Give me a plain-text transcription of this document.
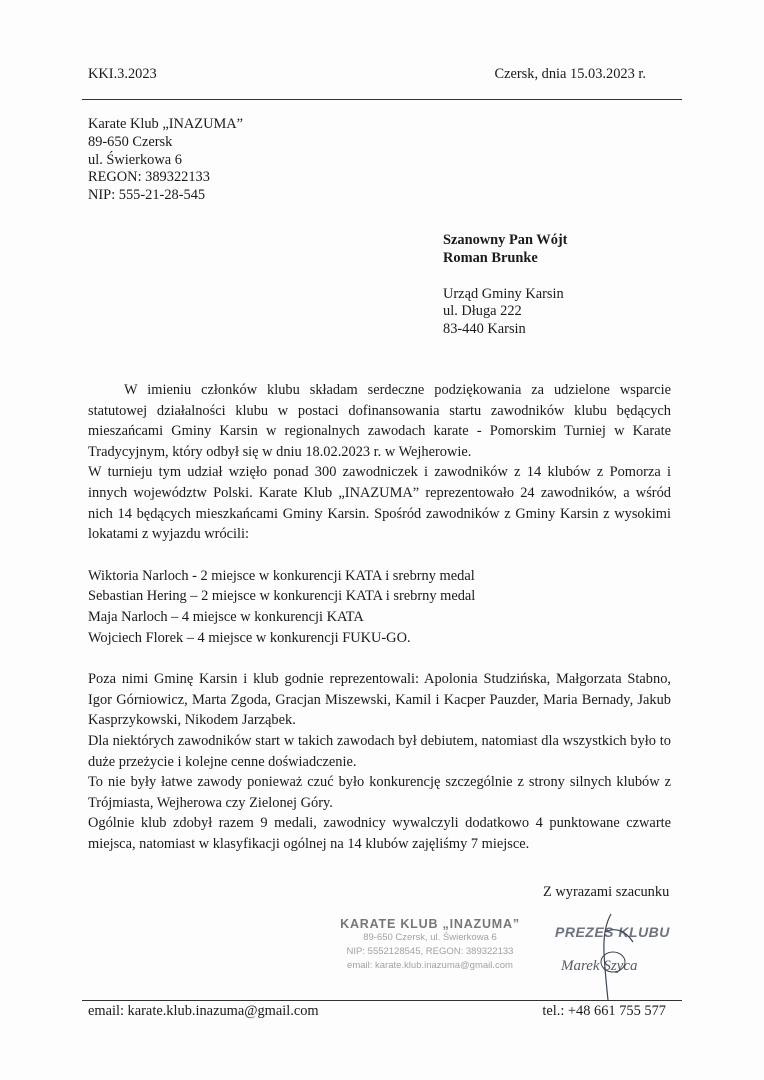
KKI.3.2023	Czersk, dnia 15.03.2023 r.
Karate Klub „INAZUMA”
89-650 Czersk
ul. Świerkowa 6
REGON: 389322133
NIP: 555-21-28-545
Szanowny Pan Wójt
Roman Brunke
Urząd Gminy Karsin
ul. Długa 222
83-440 Karsin

W imieniu członków klubu składam serdeczne podziękowania za udzielone wsparcie statutowej działalności klubu w postaci dofinansowania startu zawodników klubu będących mieszańcami Gminy Karsin w regionalnych zawodach karate - Pomorskim Turniej w Karate Tradycyjnym, który odbył się w dniu 18.02.2023 r. w Wejherowie.

W turnieju tym udział wzięło ponad 300 zawodniczek i zawodników z 14 klubów z Pomorza i innych województw Polski. Karate Klub „INAZUMA” reprezentowało 24 zawodników, a wśród nich 14 będących mieszkańcami Gminy Karsin. Spośród zawodników z Gminy Karsin z wysokimi lokatami z wyjazdu wrócili:

Wiktoria Narloch - 2 miejsce w konkurencji KATA i srebrny medal

Sebastian Hering – 2 miejsce w konkurencji KATA i srebrny medal

Maja Narloch – 4 miejsce w konkurencji KATA

Wojciech Florek – 4 miejsce w konkurencji FUKU-GO.

Poza nimi Gminę Karsin i klub godnie reprezentowali: Apolonia Studzińska, Małgorzata Stabno, Igor Górniowicz, Marta Zgoda, Gracjan Miszewski, Kamil i Kacper Pauzder, Maria Bernady, Jakub Kasprzykowski, Nikodem Jarząbek.

Dla niektórych zawodników start w takich zawodach był debiutem, natomiast dla wszystkich było to duże przeżycie i kolejne cenne doświadczenie.

To nie były łatwe zawody ponieważ czuć było konkurencję szczególnie z strony silnych klubów z Trójmiasta, Wejherowa czy Zielonej Góry.

Ogólnie klub zdobył razem 9 medali, zawodnicy wywalczyli dodatkowo 4 punktowane czwarte miejsca, natomiast w klasyfikacji ogólnej na 14 klubów zajęliśmy 7 miejsce.

Z wyrazami szacunku
KARATE KLUB „INAZUMA”
89-650 Czersk, ul. Świerkowa 6
NIP: 5552128545, REGON: 389322133
email: karate.klub.inazuma@gmail.com
PREZES KLUBU
Marek Szyca
email: karate.klub.inazuma@gmail.com	tel.: +48 661 755 577
